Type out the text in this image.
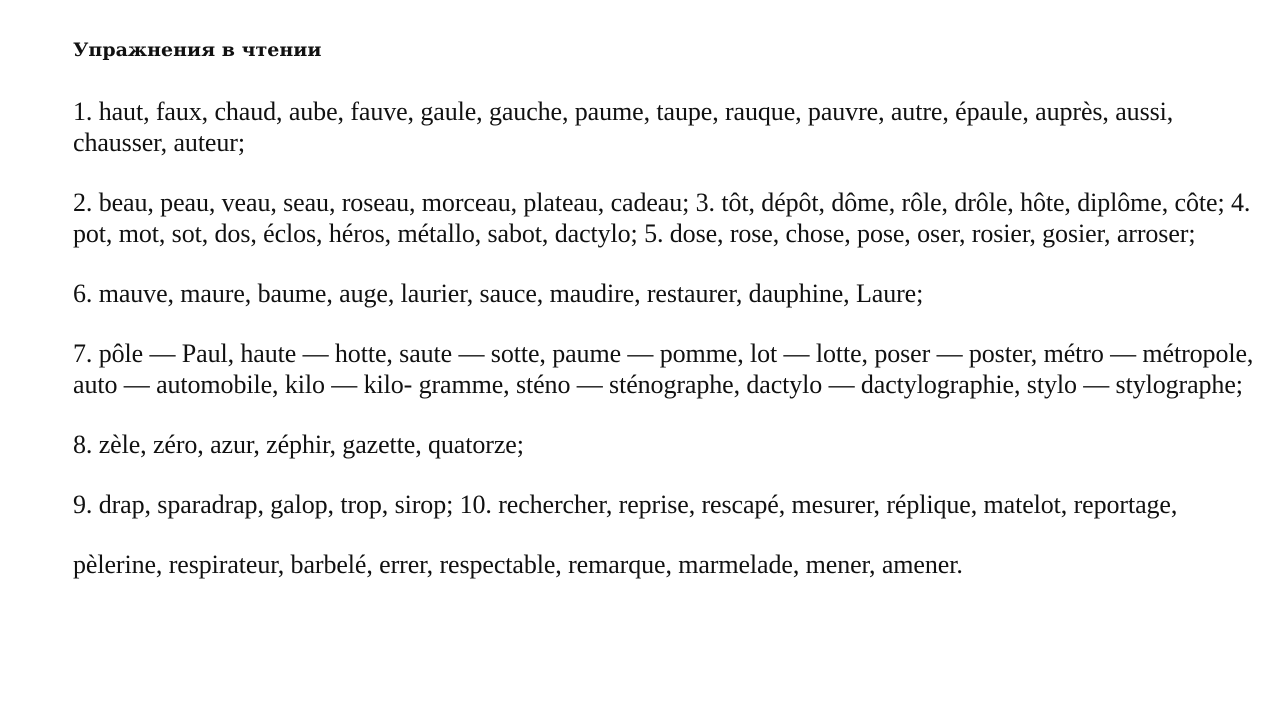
Упражнения в чтении
1. haut, faux, chaud, aube, fauve, gaule, gauche, paume, taupe, rauque, pauvre, autre, épaule, auprès, aussi, chausser, auteur;
2. beau, peau, veau, seau, roseau, morceau, plateau, cadeau; 3. tôt, dépôt, dôme, rôle, drôle, hôte, diplôme, côte; 4. pot, mot, sot, dos, éclos, héros, métallo, sabot, dactylo; 5. dose, rose, chose, pose, oser, rosier, gosier, arroser;
6. mauve, maure, baume, auge, laurier, sauce, maudire, restaurer, dauphine, Laure;
7. pôle — Paul, haute — hotte, saute — sotte, paume — pomme, lot — lotte, poser — poster, métro — métropole, auto — automobile, kilo — kilo- gramme, sténo — sténographe, dactylo — dactylographie, stylo — stylographe;
8. zèle, zéro, azur, zéphir, gazette, quatorze;
9. drap, sparadrap, galop, trop, sirop; 10. rechercher, reprise, rescapé, mesurer, réplique, matelot, reportage,
pèlerine, respirateur, barbelé, errer, respectable, remarque, marmelade, mener, amener.
